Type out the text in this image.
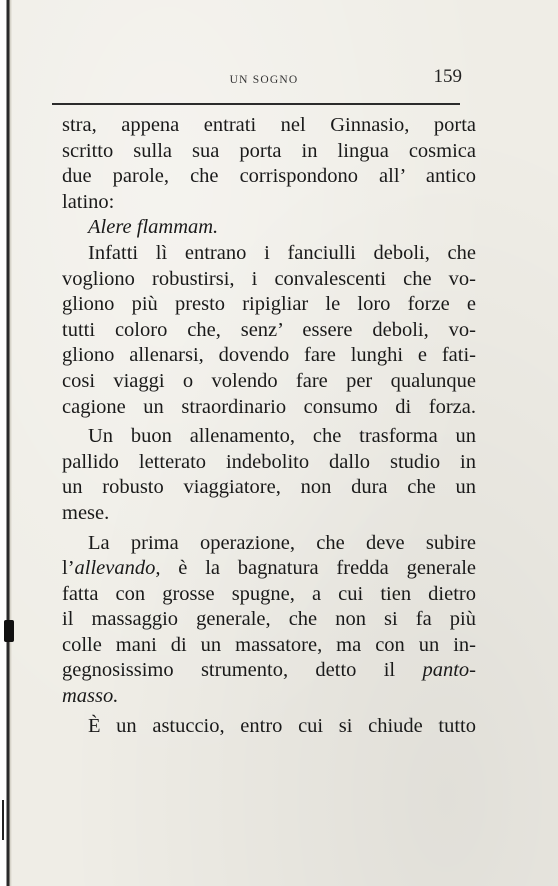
UN SOGNO	159
stra, appena entrati nel Ginnasio, porta
scritto sulla sua porta in lingua cosmica
due parole, che corrispondono all’ antico
latino:
Alere flammam.
Infatti lì entrano i fanciulli deboli, che
vogliono robustirsi, i convalescenti che vo-
gliono più presto ripigliar le loro forze e
tutti coloro che, senz’ essere deboli, vo-
gliono allenarsi, dovendo fare lunghi e fati-
cosi viaggi o volendo fare per qualunque
cagione un straordinario consumo di forza.
Un buon allenamento, che trasforma un
pallido letterato indebolito dallo studio in
un robusto viaggiatore, non dura che un
mese.
La prima operazione, che deve subire
l’allevando, è la bagnatura fredda generale
fatta con grosse spugne, a cui tien dietro
il massaggio generale, che non si fa più
colle mani di un massatore, ma con un in-
gegnosissimo strumento, detto il panto-
masso.
È un astuccio, entro cui si chiude tutto
